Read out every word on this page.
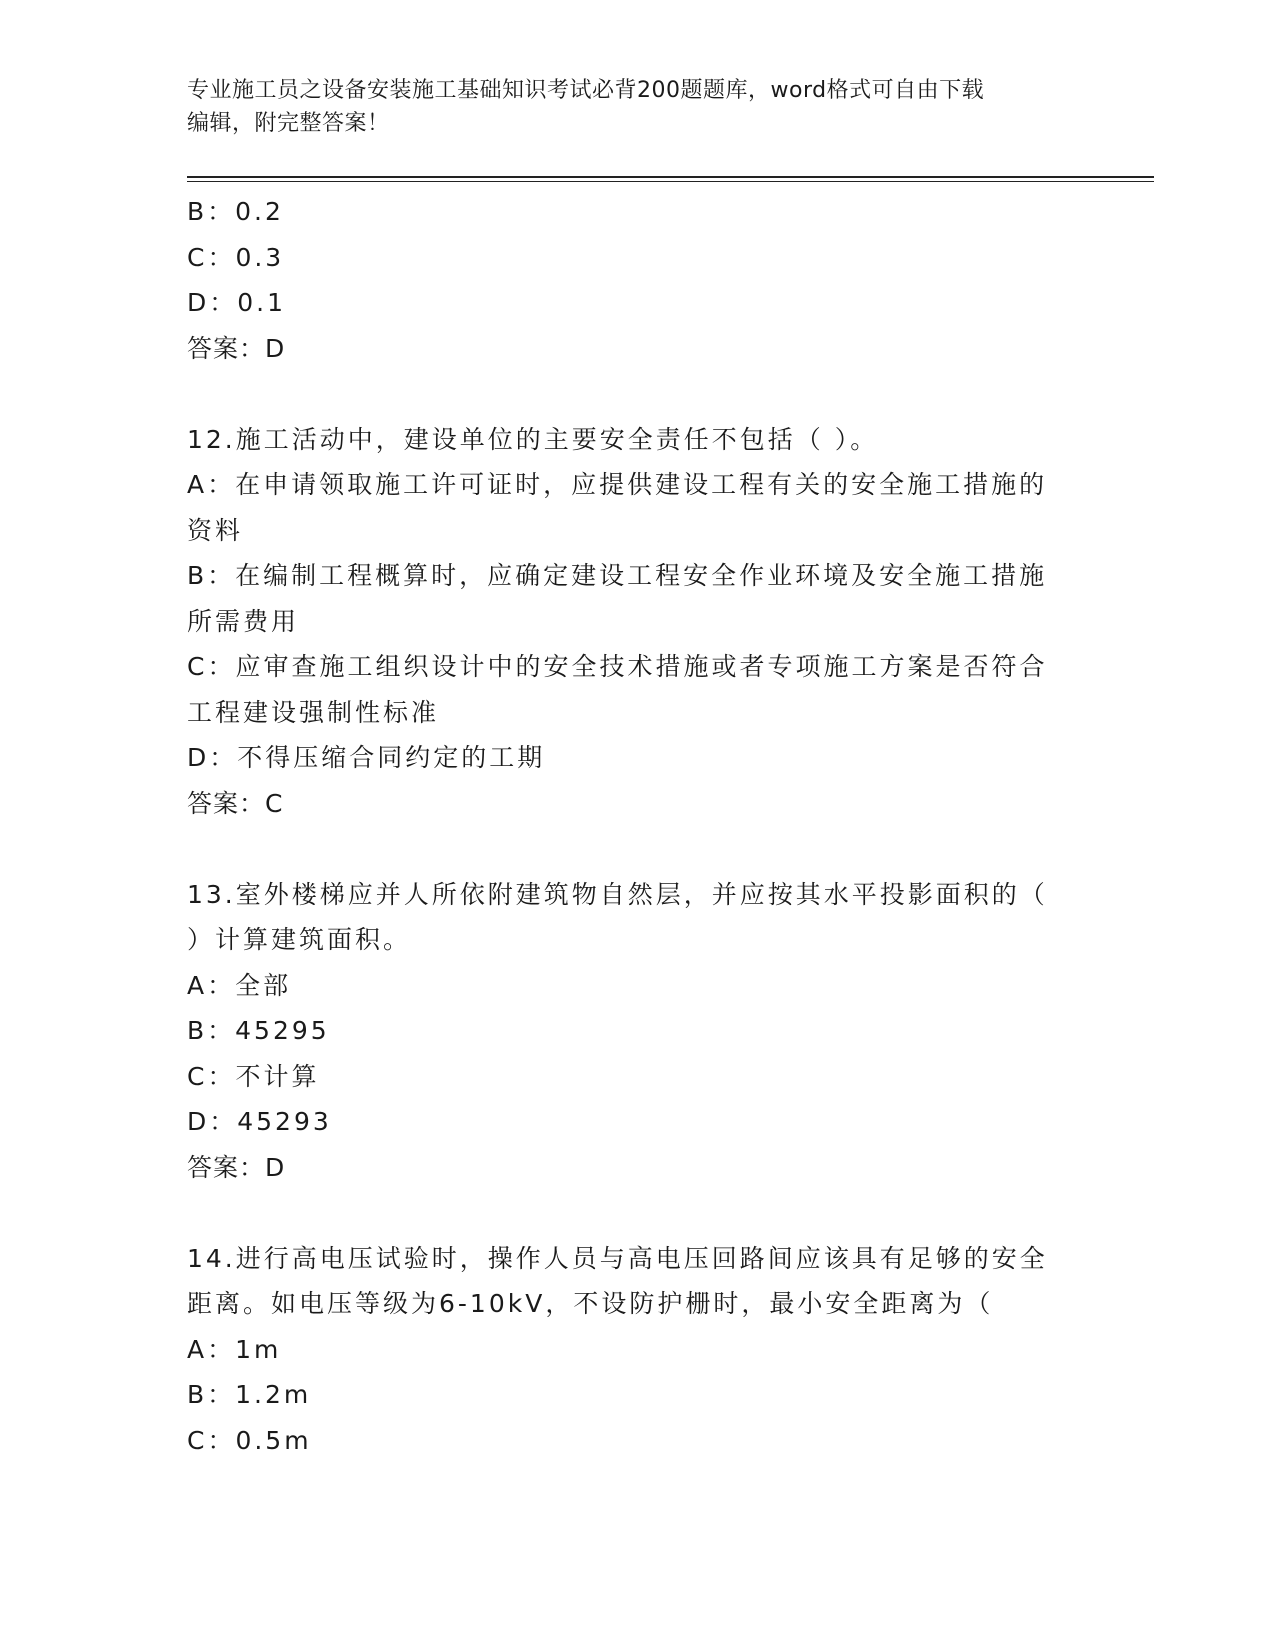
专业施工员之设备安装施工基础知识考试必背200题题库，word格式可自由下载
编辑，附完整答案！
B：0.2
C：0.3
D：0.1
答案：D
12.施工活动中，建设单位的主要安全责任不包括（ ）。
A：在申请领取施工许可证时，应提供建设工程有关的安全施工措施的
资料
B：在编制工程概算时，应确定建设工程安全作业环境及安全施工措施
所需费用
C：应审查施工组织设计中的安全技术措施或者专项施工方案是否符合
工程建设强制性标准
D：不得压缩合同约定的工期
答案：C
13.室外楼梯应并人所依附建筑物自然层，并应按其水平投影面积的（
）计算建筑面积。
A：全部
B：45295
C：不计算
D：45293
答案：D
14.进行高电压试验时，操作人员与高电压回路间应该具有足够的安全
距离。如电压等级为6-10kV，不设防护栅时，最小安全距离为（
A：1m
B：1.2m
C：0.5m
